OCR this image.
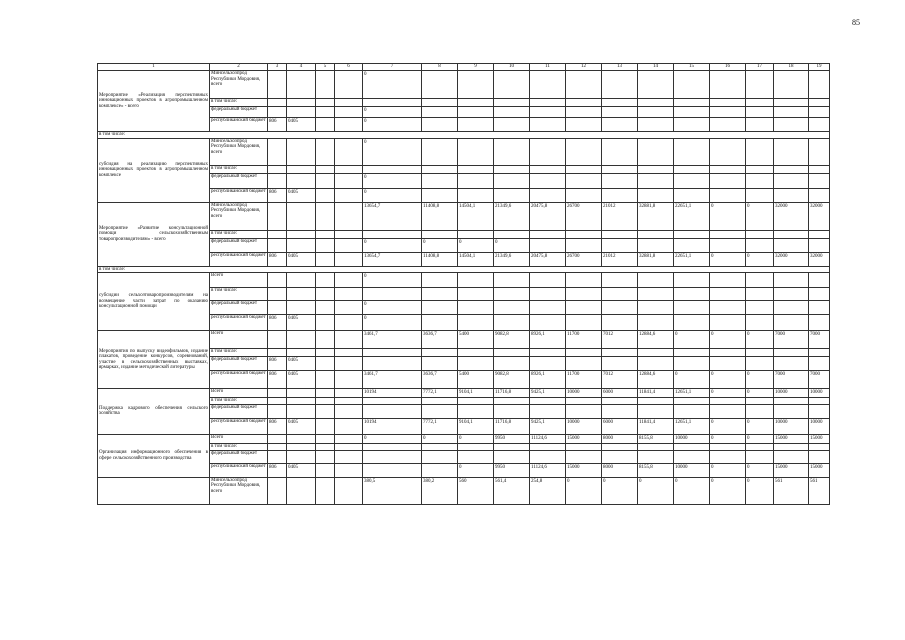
85
1	2	3	4	5	6	7	8	9	10	11	12	13	14	15	16	17	18	19
Мероприятие «Реализация перспективных инновационных проектов в агропромышленном комплексе» - всего	Минсельхозпрод Республики Мордовия, всего					0												
	в том числе:																	
	федеральный бюджет					0												
	республиканский бюджет	806	0405			0												
в том числе:																		
субсидия на реализацию перспективных инновационных проектов в агропромышленном комплексе	Минсельхозпрод Республики Мордовия, всего					0												
	в том числе:																	
	федеральный бюджет					0												
	республиканский бюджет	806	0405			0												
Мероприятие «Развитие консультационной помощи сельскохозяйственным товаропроизводителям» - всего	Минсельхозпрод Республики Мордовия, всего					13654,7	11408,8	14504,1	21349,6	20475,8	26700	21012	32881,8	22651,1	0	0	32000	32000
	в том числе:																	
	федеральный бюджет					0	0	0	0									
	республиканский бюджет	806	0405			13654,7	11408,8	14504,1	21349,6	20475,8	26700	21012	32881,8	22651,1	0	0	32000	32000
в том числе:																		
субсидии сельхозтоваропроизводителям на возмещение части затрат по оказанию консультационной помощи	Всего					0												
	в том числе:																	
	федеральный бюджет					0												
	республиканский бюджет	806	0405			0												
Мероприятия по выпуску видеофильмов, издание плакатов, проведение конкурсов, соревнований, участие в сельскохозяйственных выставках, ярмарках, издание методической литературы	Всего					3461,7	3636,7	5400	9082,8	8926,1	11700	7012	12884,6	0	0	0	7000	7000
	в том числе:																	
	федеральный бюджет	806	0405															
	республиканский бюджет	806	0405			3461,7	3636,7	5400	9082,8	8926,1	11700	7012	12884,6	0	0	0	7000	7000
Поддержка кадрового обеспечения сельского хозяйства	Всего					10194	7772,1	9104,1	11716,8	9425,1	10000	6000	11841,4	12651,1	0	0	10000	10000
	в том числе:																	
	федеральный бюджет																	
	республиканский бюджет	806	0405			10194	7772,1	9104,1	11716,8	9425,1	10000	6000	11841,4	12651,1	0	0	10000	10000
Организация информационного обеспечения в сфере сельскохозяйственного производства	Всего					0	0	0	9950	11124,6	15000	8000	8155,8	10000	0	0	15000	15000
	в том числе:																	
	федеральный бюджет																	
	республиканский бюджет	806	0405					0	9950	11124,6	15000	8000	8155,8	10000	0	0	15000	15000
	Минсельхозпрод Республики Мордовия, всего					380,5	380,2	560	561,4	254,8	0	0	0	0	0	0	561	561
